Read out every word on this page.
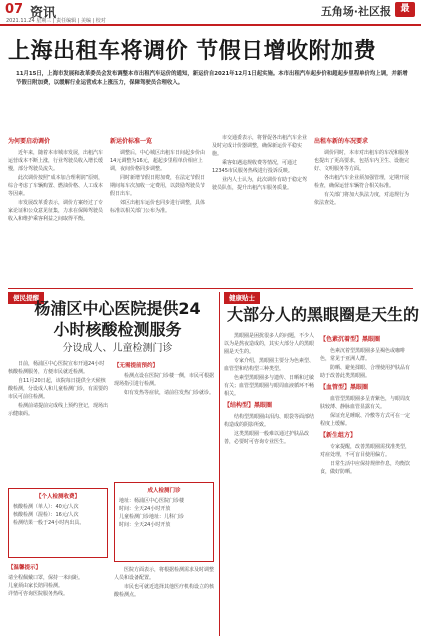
07 资讯
2021.11.24 星期三 | 责任编辑 | 美编 | 校对
五角场·社区报	最
上海出租车将调价 节假日增收附加费
11月15日，上海市发展和改革委员会发布调整本市出租汽车运价的通知，新运价自2021年12月1日起实施。本市出租汽车起步价和超起步里程单价均上调，并新增节假日附加费，以缓解行业运营成本上涨压力，保障驾驶员合理收入。
为何要启动调价

近年来，随着本市城市发展，出租汽车运营成本不断上涨，行业驾驶员收入增长缓慢，部分驾驶员流失。

此次调价按照“成本加合理利润”原则，综合考虑了车辆购置、燃油价格、人工成本等因素。

市发展改革委表示，调价方案经过了专家论证和公众意见征集，力求在保障驾驶员收入和维护乘客利益之间取得平衡。

新运价标准一览

调整后，中心城区出租车日间起步价由14元调整为16元，超起步里程单价相应上调，夜间价格同步调整。

同时新增节假日附加费，在法定节假日期间每车次加收一定费用，以鼓励驾驶员节假日出车。

郊区出租车运价也同步进行调整，具体标准以相关部门公布为准。

市交通委表示，将督促各出租汽车企业及时完成计价器调整，确保新运价平稳实施。

乘客如遇违规收费等情况，可通过12345市民服务热线进行投诉反映。

业内人士认为，此次调价有助于稳定驾驶员队伍，提升出租汽车服务质量。

出租车新的车况要求

调价同时，本市对出租车的车况和服务也提出了更高要求，包括车内卫生、设施完好、文明服务等方面。

各出租汽车企业须加强管理，定期开展检查，确保运营车辆符合相关标准。

有关部门将加大执法力度，对违规行为依法查处。

便民提醒
杨浦区中心医院提供24小时核酸检测服务
分设成人、儿童检测门诊

日前，杨浦区中心医院宣布开通24小时核酸检测服务，方便市民就近检测。

自11月20日起，该院每日提供全天候核酸检测，分设成人和儿童检测门诊，有需要的市民可前往检测。

检测前请提前完成线上预约登记，现场出示健康码。

【个人检测收费】
核酸检测（单人）：40元/人次
核酸检测（混检）：16元/人次
检测结果一般于24小时内出具。
【温馨提示】
请全程佩戴口罩，保持一米间距。
儿童须由家长陪同检测。
详情可咨询医院服务热线。
【无需提前预约】

检测点设在医院门诊楼一侧，市民可根据现场指引进行检测。

如有发热等症状，请前往发热门诊就诊。

成人检测门诊
地址：杨浦区中心医院门诊楼
时间：全天24小时开放
儿童检测门诊地址：儿科门诊
时间：全天24小时开放

医院方面表示，将根据检测需求及时调整人员和设备配置。

市民也可就近选择其他医疗机构设立的核酸检测点。

健康贴士
大部分人的黑眼圈是天生的

黑眼圈是困扰很多人的问题，不少人以为是熬夜造成的，其实大部分人的黑眼圈是天生的。

专家介绍，黑眼圈主要分为色素型、血管型和结构型三种类型。

色素型黑眼圈多与遗传、日晒和过敏有关；血管型黑眼圈与眼周血液循环不畅相关。

【结构型】黑眼圈

结构型黑眼圈由泪沟、眼袋等面部结构造成的阴影所致。

这类黑眼圈一般难以通过护肤品改善，必要时可咨询专业医生。

【色素沉着型】黑眼圈

色素沉着型黑眼圈多呈褐色或咖啡色，常见于亚洲人群。

防晒、避免揉眼、合理使用护肤品有助于改善此类黑眼圈。

【血管型】黑眼圈

血管型黑眼圈多呈青紫色，与眼周皮肤较薄、静脉血管显露有关。

保证充足睡眠、冷敷等方式可在一定程度上缓解。

【新生组方】

专家提醒，改善黑眼圈需找准类型，对症处理，不可盲目使用偏方。

日常生活中应保持规律作息，均衡饮食，做好防晒。
